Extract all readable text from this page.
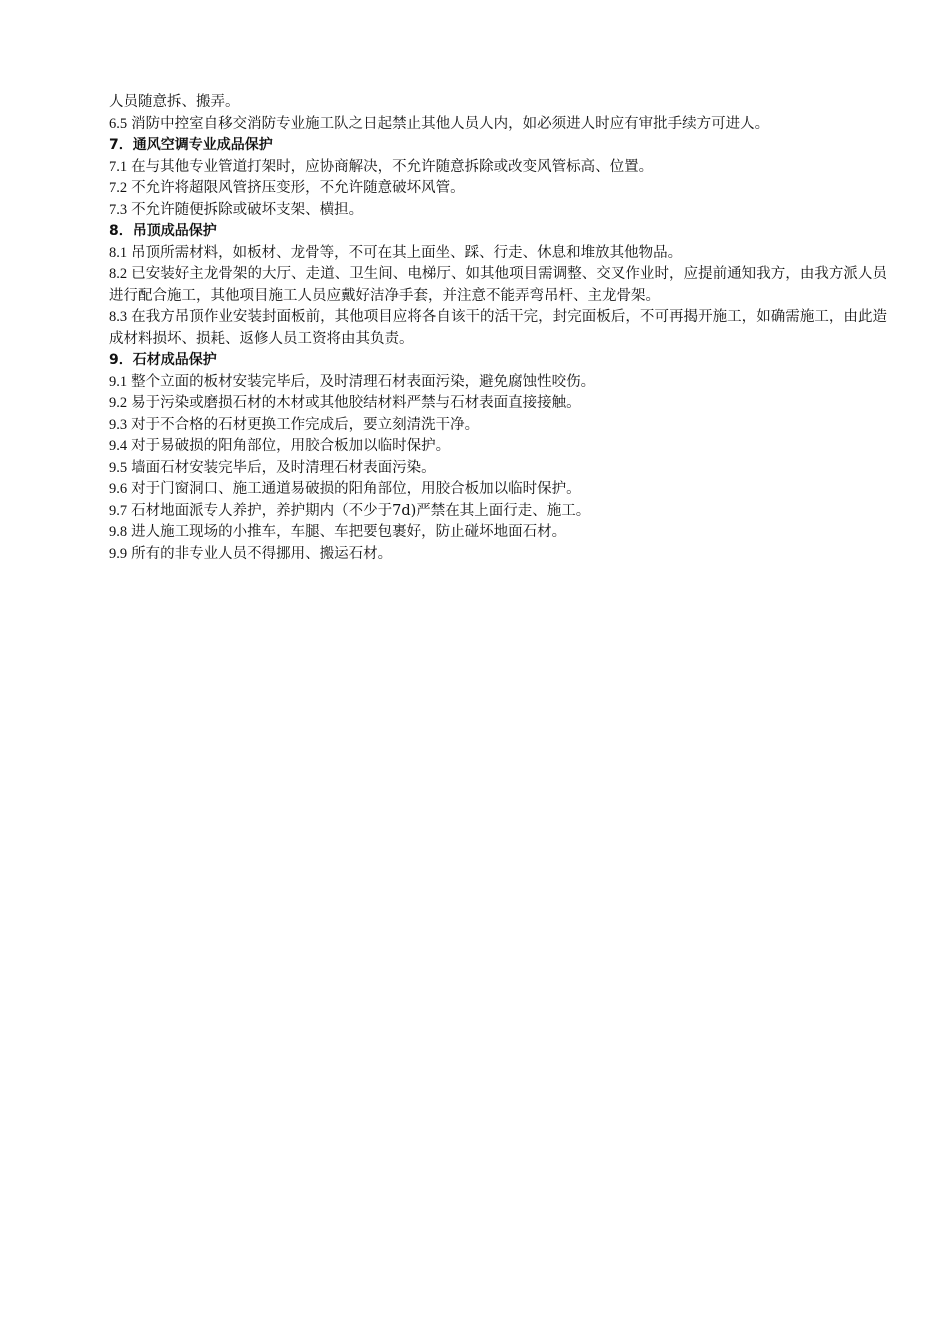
人员随意拆、搬弄。

6.5 消防中控室自移交消防专业施工队之日起禁止其他人员人内，如必须进人时应有审批手续方可进人。

7．通风空调专业成品保护

7.1 在与其他专业管道打架时，应协商解决，不允许随意拆除或改变风管标高、位置。

7.2 不允许将超限风管挤压变形，不允许随意破坏风管。

7.3 不允许随便拆除或破坏支架、横担。

8．吊顶成品保护

8.1 吊顶所需材料，如板材、龙骨等，不可在其上面坐、踩、行走、休息和堆放其他物品。

8.2 已安装好主龙骨架的大厅、走道、卫生间、电梯厅、如其他项目需调整、交叉作业时，应提前通知我方，由我方派人员进行配合施工，其他项目施工人员应戴好洁净手套，并注意不能弄弯吊杆、主龙骨架。

8.3 在我方吊顶作业安装封面板前，其他项目应将各自该干的活干完，封完面板后，不可再揭开施工，如确需施工，由此造成材料损坏、损耗、返修人员工资将由其负责。

9．石材成品保护

9.1 整个立面的板材安装完毕后，及时清理石材表面污染，避免腐蚀性咬伤。

9.2 易于污染或磨损石材的木材或其他胶结材料严禁与石材表面直接接触。

9.3 对于不合格的石材更换工作完成后，要立刻清洗干净。

9.4 对于易破损的阳角部位，用胶合板加以临时保护。

9.5 墙面石材安装完毕后，及时清理石材表面污染。

9.6 对于门窗洞口、施工通道易破损的阳角部位，用胶合板加以临时保护。

9.7 石材地面派专人养护，养护期内（不少于7d)严禁在其上面行走、施工。

9.8 进人施工现场的小推车，车腿、车把要包裹好，防止碰坏地面石材。

9.9 所有的非专业人员不得挪用、搬运石材。
